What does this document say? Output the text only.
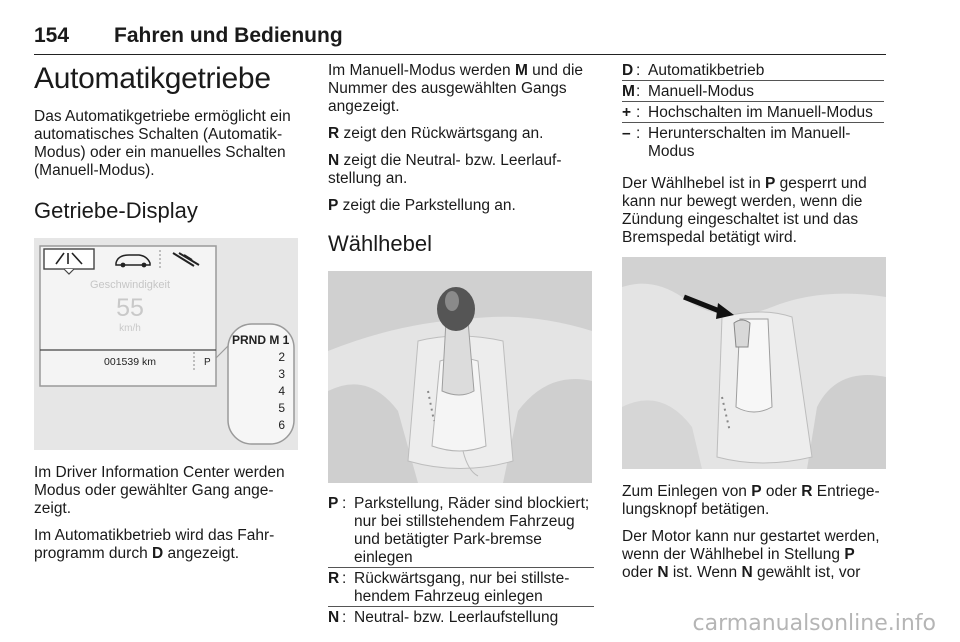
154 Fahren und Bedienung
Automatikgetriebe

Das Automatikgetriebe ermöglicht ein automatisches Schalten (Automatik-Modus) oder ein manuelles Schalten (Manuell-Modus).

Getriebe-Display
Geschwindigkeit
55
km/h
001539 km	P
PRND M 1
2
3
4
5
6

Im Driver Information Center werden Modus oder gewählter Gang ange-zeigt.

Im Automatikbetrieb wird das Fahr-programm durch D angezeigt.

Im Manuell-Modus werden M und die Nummer des ausgewählten Gangs angezeigt.

R zeigt den Rückwärtsgang an.

N zeigt die Neutral- bzw. Leerlauf-stellung an.

P zeigt die Parkstellung an.

Wählhebel
P : Parkstellung, Räder sind blockiert; nur bei stillstehendem Fahrzeug und betätigter Park-bremse einlegen
R : Rückwärtsgang, nur bei stillste-hendem Fahrzeug einlegen
N : Neutral- bzw. Leerlaufstellung
D : Automatikbetrieb
M : Manuell-Modus
+ : Hochschalten im Manuell-Modus
– : Herunterschalten im Manuell-Modus

Der Wählhebel ist in P gesperrt und kann nur bewegt werden, wenn die Zündung eingeschaltet ist und das Bremspedal betätigt wird.

Zum Einlegen von P oder R Entriege-lungsknopf betätigen.

Der Motor kann nur gestartet werden, wenn der Wählhebel in Stellung P oder N ist. Wenn N gewählt ist, vor

carmanualsonline.info
